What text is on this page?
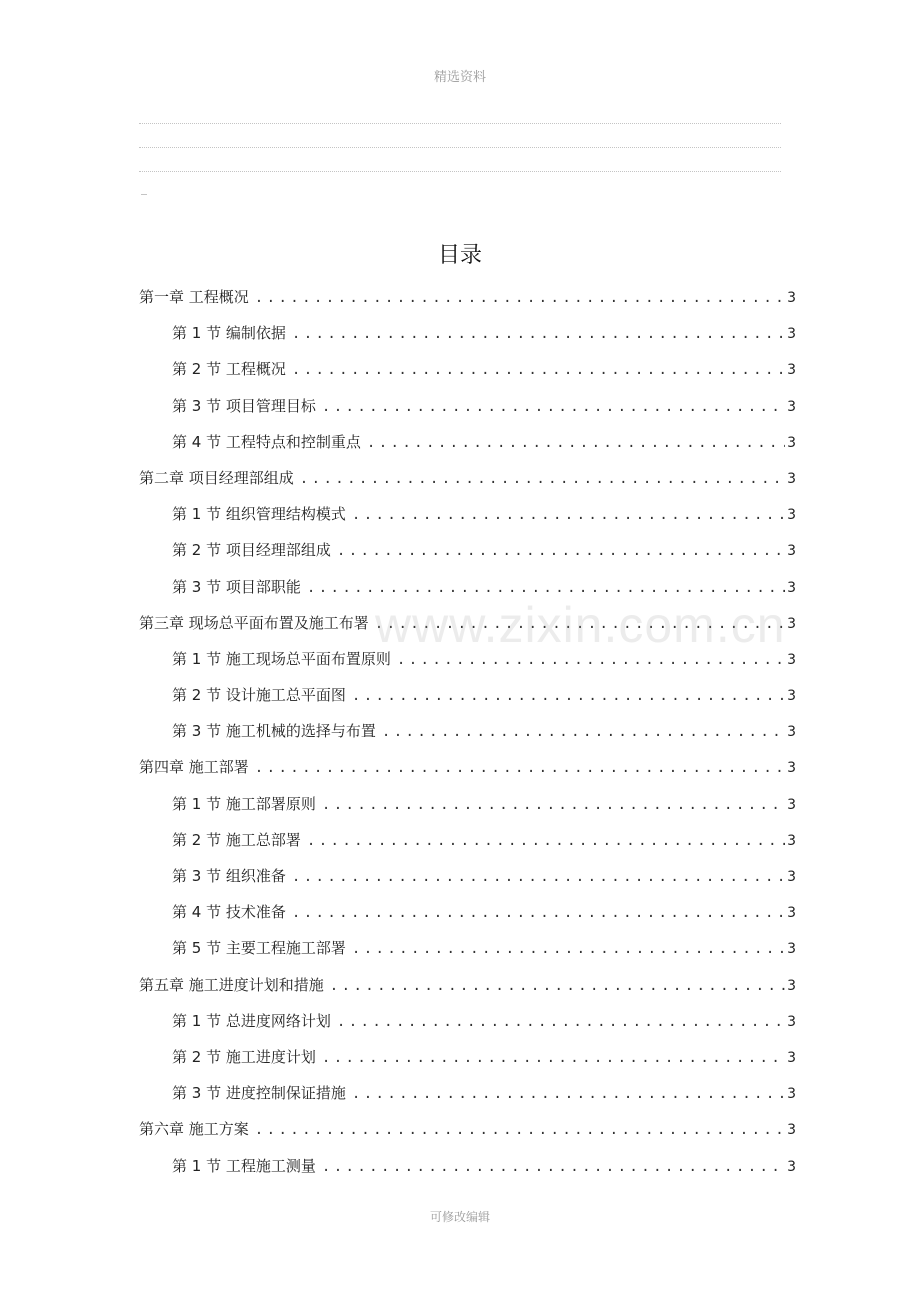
精选资料
目录
第一章 工程概况 .....	3
第 1 节 编制依据 .....	3
第 2 节 工程概况 .....	3
第 3 节 项目管理目标 .....	3
第 4 节 工程特点和控制重点 .....	3
第二章 项目经理部组成 .....	3
第 1 节 组织管理结构模式 .....	3
第 2 节 项目经理部组成 .....	3
第 3 节 项目部职能 .....	3
第三章 现场总平面布置及施工布署 .....	3
第 1 节 施工现场总平面布置原则 .....	3
第 2 节 设计施工总平面图 .....	3
第 3 节 施工机械的选择与布置 .....	3
第四章 施工部署 .....	3
第 1 节 施工部署原则 .....	3
第 2 节 施工总部署 .....	3
第 3 节 组织准备 .....	3
第 4 节 技术准备 .....	3
第 5 节 主要工程施工部署 .....	3
第五章 施工进度计划和措施 .....	3
第 1 节 总进度网络计划 .....	3
第 2 节 施工进度计划 .....	3
第 3 节 进度控制保证措施 .....	3
第六章 施工方案 .....	3
第 1 节 工程施工测量 .....	3
www.zixin.com.cn
可修改编辑
